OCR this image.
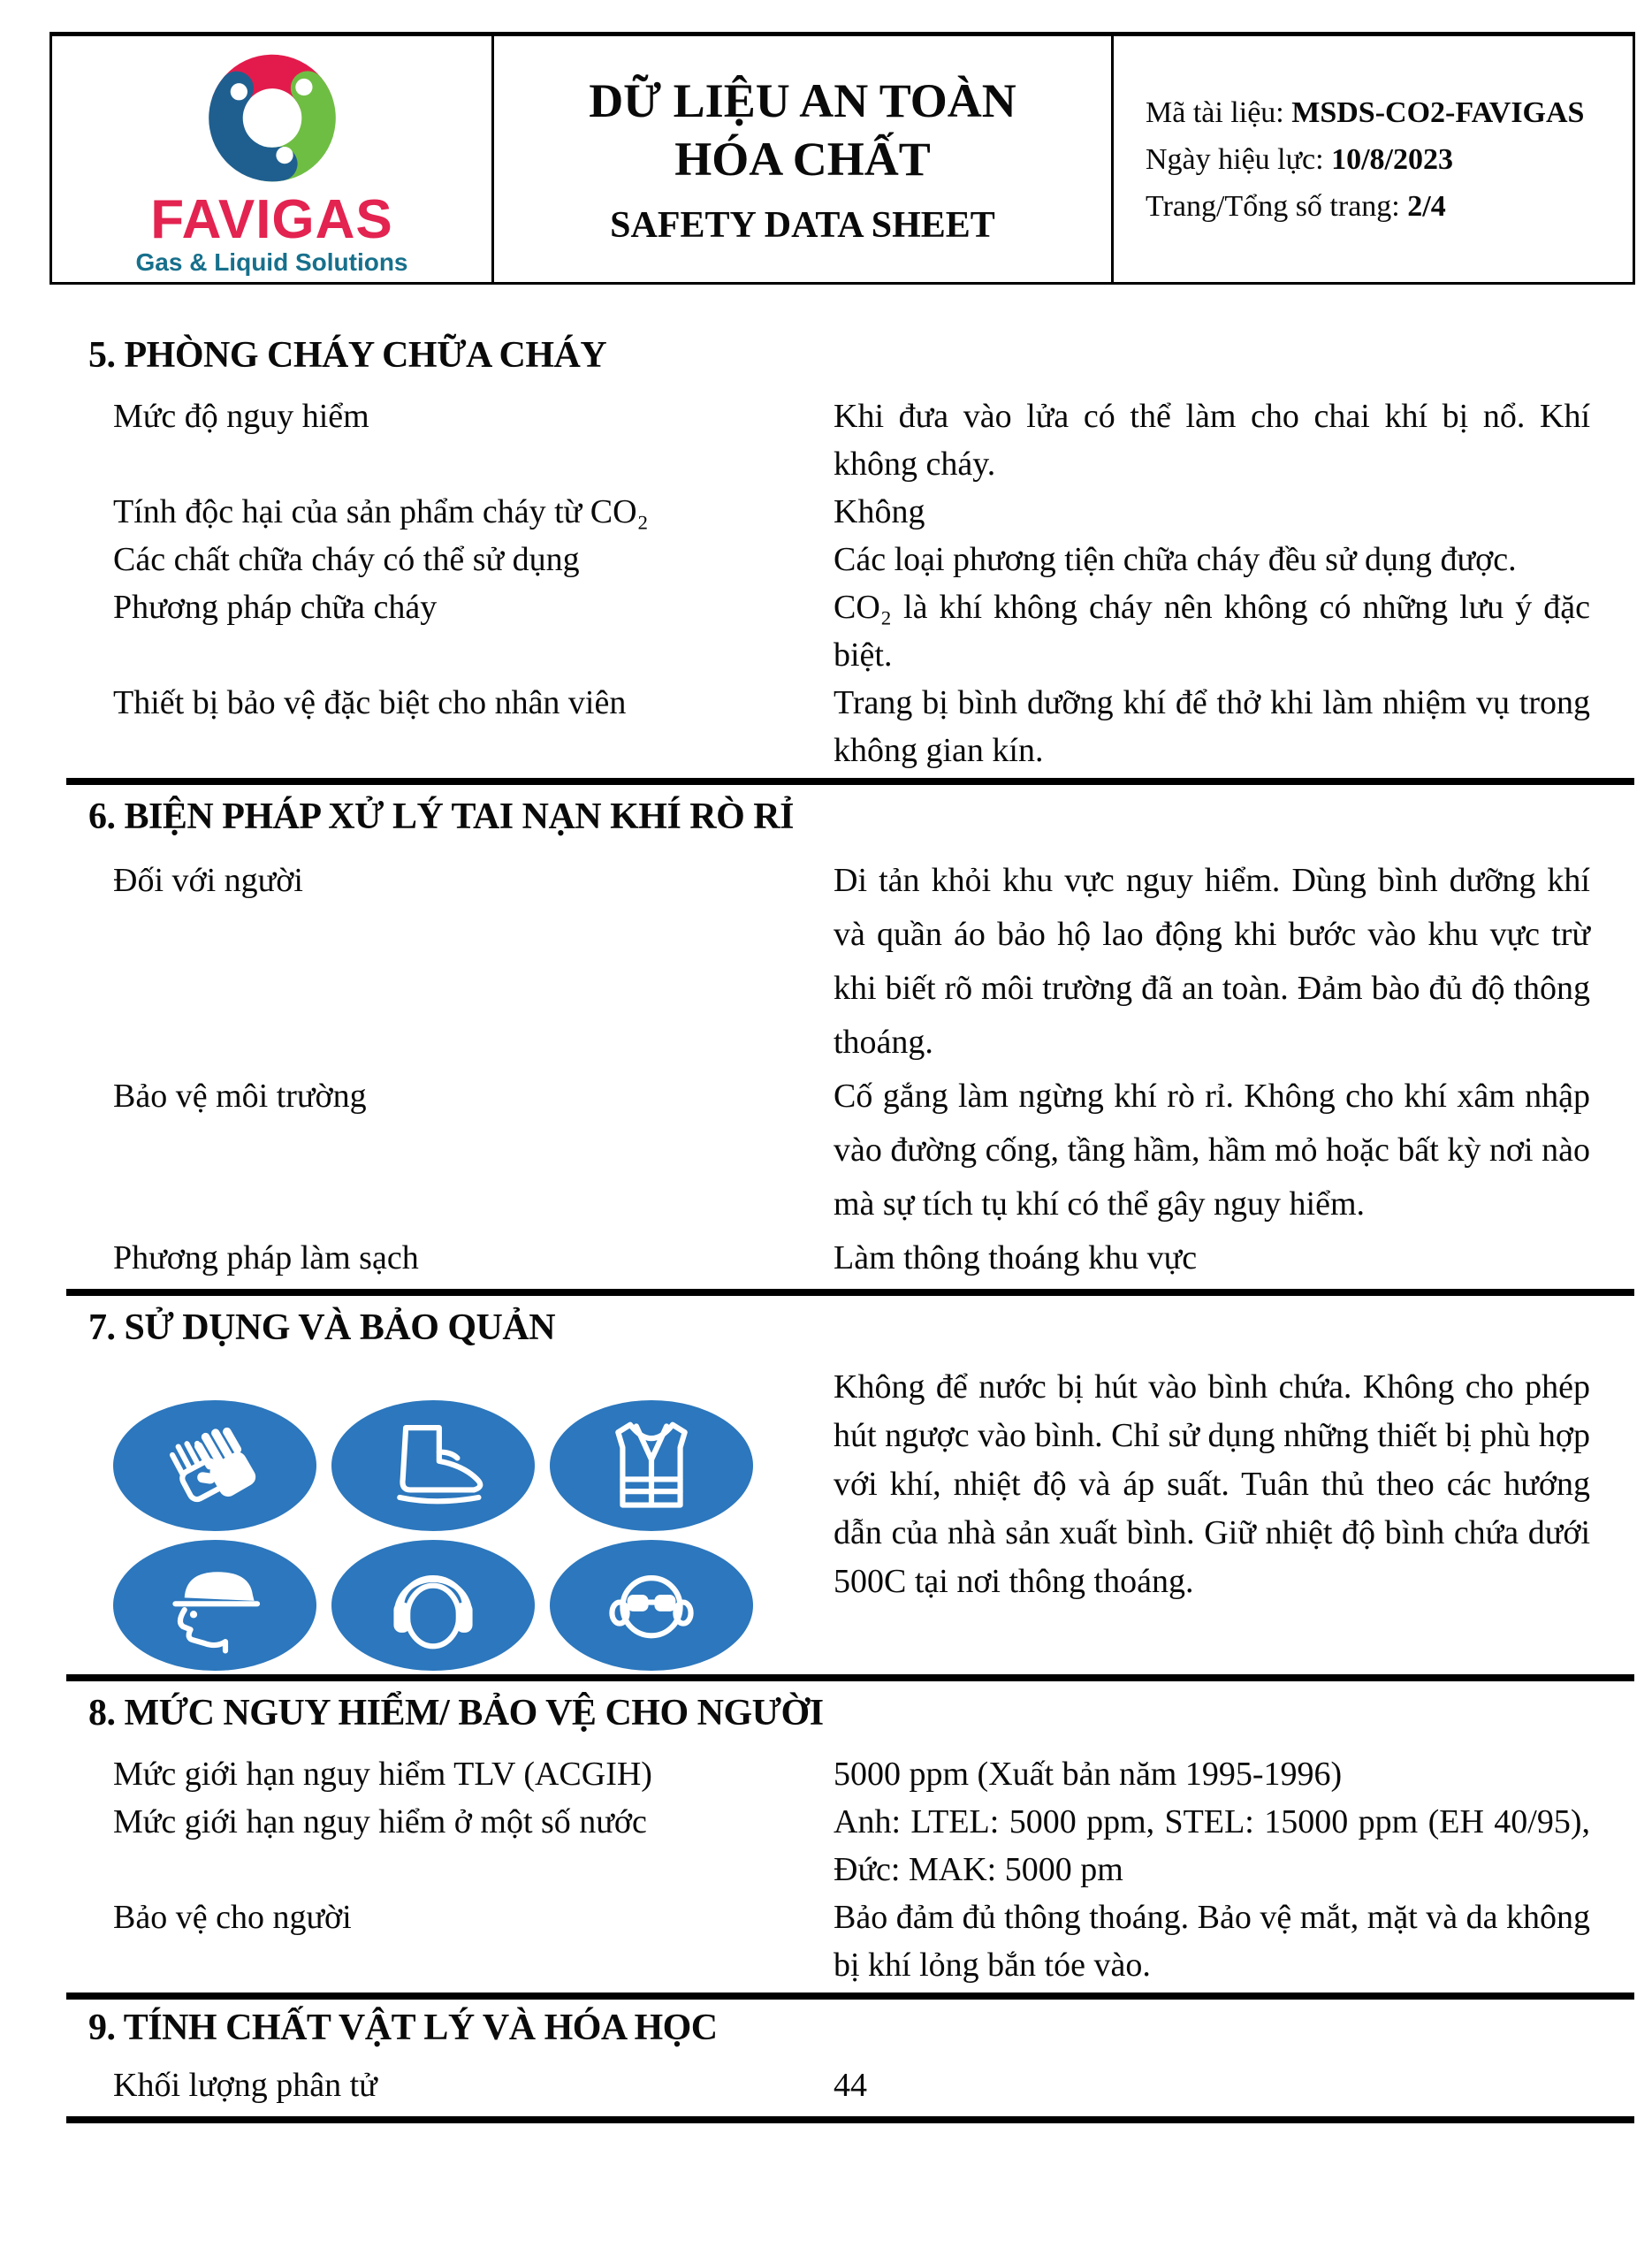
FAVIGAS
Gas & Liquid Solutions
DỮ LIỆU AN TOÀN
HÓA CHẤT
SAFETY DATA SHEET
Mã tài liệu: MSDS-CO2-FAVIGAS
Ngày hiệu lực: 10/8/2023
Trang/Tổng số trang: 2/4
5. PHÒNG CHÁY CHỮA CHÁY
Mức độ nguy hiểm	Khi đưa vào lửa có thể làm cho chai khí bị nổ. Khí không cháy.
Tính độc hại của sản phẩm cháy từ CO₂	Không
Các chất chữa cháy có thể sử dụng	Các loại phương tiện chữa cháy đều sử dụng được.
Phương pháp chữa cháy	CO₂ là khí không cháy nên không có những lưu ý đặc biệt.
Thiết bị bảo vệ đặc biệt cho nhân viên	Trang bị bình dưỡng khí để thở khi làm nhiệm vụ trong không gian kín.
6. BIỆN PHÁP XỬ LÝ TAI NẠN KHÍ RÒ RỈ
Đối với người	Di tản khỏi khu vực nguy hiểm. Dùng bình dưỡng khí và quần áo bảo hộ lao động khi bước vào khu vực trừ khi biết rõ môi trường đã an toàn. Đảm bào đủ độ thông thoáng.
Bảo vệ môi trường	Cố gắng làm ngừng khí rò rỉ. Không cho khí xâm nhập vào đường cống, tầng hầm, hầm mỏ hoặc bất kỳ nơi nào mà sự tích tụ khí có thể gây nguy hiểm.
Phương pháp làm sạch	Làm thông thoáng khu vực
7. SỬ DỤNG VÀ BẢO QUẢN
Không để nước bị hút vào bình chứa. Không cho phép hút ngược vào bình. Chỉ sử dụng những thiết bị phù hợp với khí, nhiệt độ và áp suất. Tuân thủ theo các hướng dẫn của nhà sản xuất bình. Giữ nhiệt độ bình chứa dưới 500C tại nơi thông thoáng.
8. MỨC NGUY HIỂM/ BẢO VỆ CHO NGƯỜI
Mức giới hạn nguy hiểm TLV (ACGIH)	5000 ppm (Xuất bản năm 1995-1996)
Mức giới hạn nguy hiểm ở một số nước	Anh: LTEL: 5000 ppm, STEL: 15000 ppm (EH 40/95), Đức: MAK: 5000 pm
Bảo vệ cho người	Bảo đảm đủ thông thoáng. Bảo vệ mắt, mặt và da không bị khí lỏng bắn tóe vào.
9. TÍNH CHẤT VẬT LÝ VÀ HÓA HỌC
Khối lượng phân tử	44
